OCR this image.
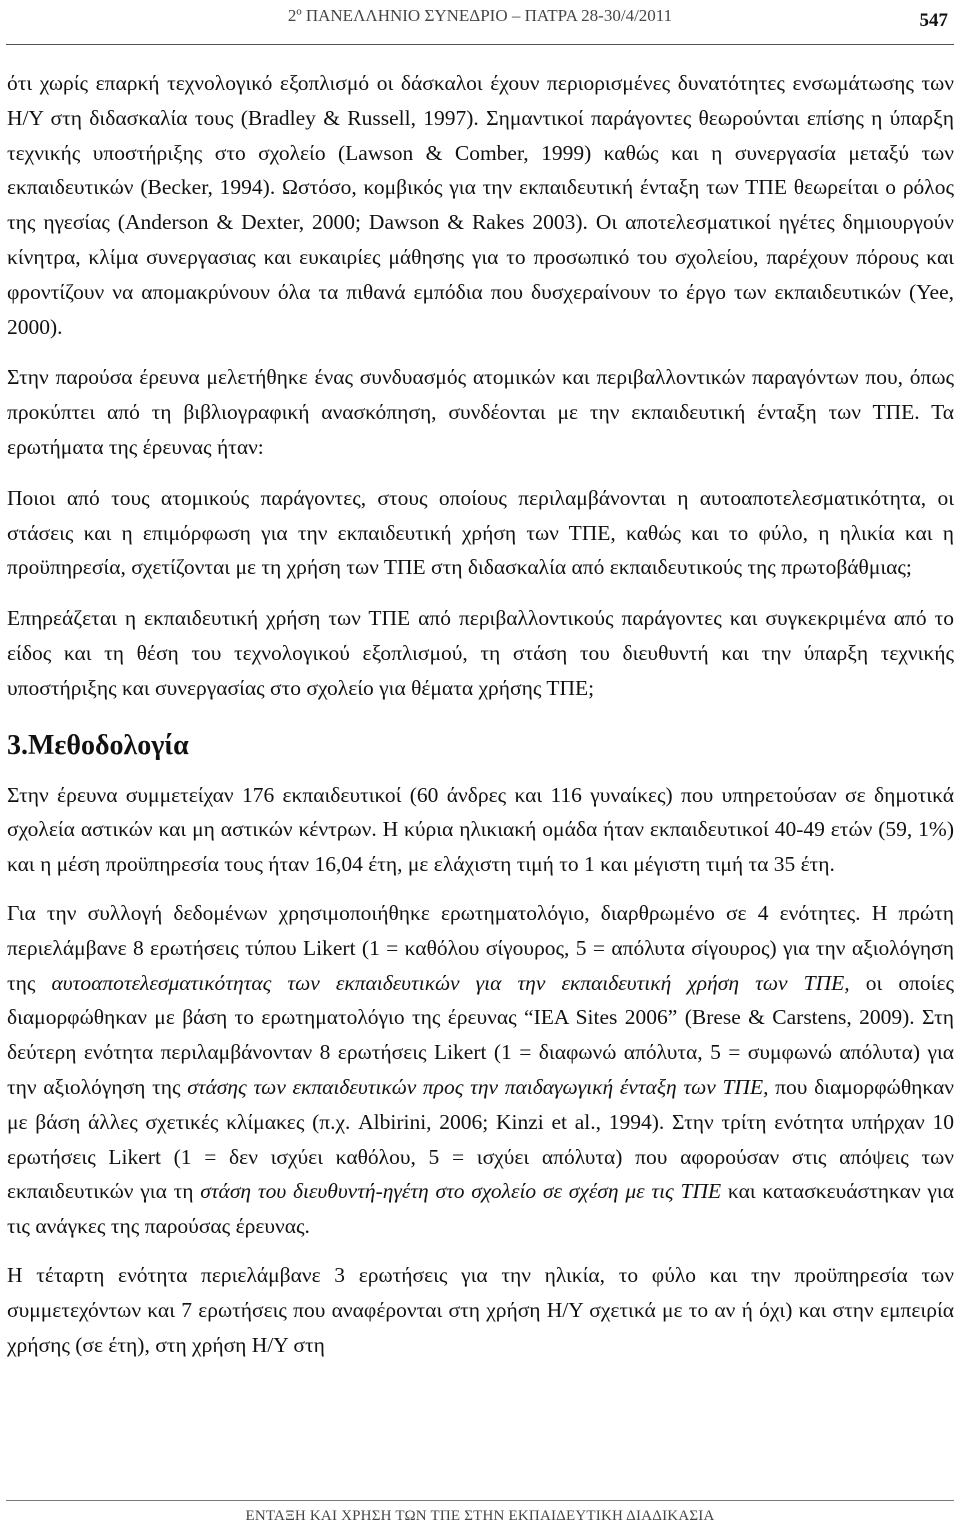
2º ΠΑΝΕΛΛΗΝΙΟ ΣΥΝΕΔΡΙΟ – ΠΑΤΡΑ 28-30/4/2011	547

ότι χωρίς επαρκή τεχνολογικό εξοπλισμό οι δάσκαλοι έχουν περιορισμένες δυνατότητες ενσωμάτωσης των Η/Υ στη διδασκαλία τους (Bradley & Russell, 1997). Σημαντικοί παράγοντες θεωρούνται επίσης η ύπαρξη τεχνικής υποστήριξης στο σχολείο (Lawson & Comber, 1999) καθώς και η συνεργασία μεταξύ των εκπαιδευτικών (Becker, 1994). Ωστόσο, κομβικός για την εκπαιδευτική ένταξη των ΤΠΕ θεωρείται ο ρόλος της ηγεσίας (Anderson & Dexter, 2000; Dawson & Rakes 2003). Οι αποτελεσματικοί ηγέτες δημιουργούν κίνητρα, κλίμα συνεργασιας και ευκαιρίες μάθησης για το προσωπικό του σχολείου, παρέχουν πόρους και φροντίζουν να απομακρύνουν όλα τα πιθανά εμπόδια που δυσχεραίνουν το έργο των εκπαιδευτικών (Yee, 2000).

Στην παρούσα έρευνα μελετήθηκε ένας συνδυασμός ατομικών και περιβαλλοντικών παραγόντων που, όπως προκύπτει από τη βιβλιογραφική ανασκόπηση, συνδέονται με την εκπαιδευτική ένταξη των ΤΠΕ. Τα ερωτήματα της έρευνας ήταν:

Ποιοι από τους ατομικούς παράγοντες, στους οποίους περιλαμβάνονται η αυτοαποτελεσματικότητα, οι στάσεις και η επιμόρφωση για την εκπαιδευτική χρήση των ΤΠΕ, καθώς και το φύλο, η ηλικία και η προϋπηρεσία, σχετίζονται με τη χρήση των ΤΠΕ στη διδασκαλία από εκπαιδευτικούς της πρωτοβάθμιας;

Επηρεάζεται η εκπαιδευτική χρήση των ΤΠΕ από περιβαλλοντικούς παράγοντες και συγκεκριμένα από το είδος και τη θέση του τεχνολογικού εξοπλισμού, τη στάση του διευθυντή και την ύπαρξη τεχνικής υποστήριξης και συνεργασίας στο σχολείο για θέματα χρήσης ΤΠΕ;

3.Μεθοδολογία

Στην έρευνα συμμετείχαν 176 εκπαιδευτικοί (60 άνδρες και 116 γυναίκες) που υπηρετούσαν σε δημοτικά σχολεία αστικών και μη αστικών κέντρων. Η κύρια ηλικιακή ομάδα ήταν εκπαιδευτικοί 40-49 ετών (59, 1%) και η μέση προϋπηρεσία τους ήταν 16,04 έτη, με ελάχιστη τιμή το 1 και μέγιστη τιμή τα 35 έτη.

Για την συλλογή δεδομένων χρησιμοποιήθηκε ερωτηματολόγιο, διαρθρωμένο σε 4 ενότητες. Η πρώτη περιελάμβανε 8 ερωτήσεις τύπου Likert (1 = καθόλου σίγουρος, 5 = απόλυτα σίγουρος) για την αξιολόγηση της αυτοαποτελεσματικότητας των εκπαιδευτικών για την εκπαιδευτική χρήση των ΤΠΕ, οι οποίες διαμορφώθηκαν με βάση το ερωτηματολόγιο της έρευνας “IEA Sites 2006” (Brese & Carstens, 2009). Στη δεύτερη ενότητα περιλαμβάνονταν 8 ερωτήσεις Likert (1 = διαφωνώ απόλυτα, 5 = συμφωνώ απόλυτα) για την αξιολόγηση της στάσης των εκπαιδευτικών προς την παιδαγωγική ένταξη των ΤΠΕ, που διαμορφώθηκαν με βάση άλλες σχετικές κλίμακες (π.χ. Albirini, 2006; Kinzi et al., 1994). Στην τρίτη ενότητα υπήρχαν 10 ερωτήσεις Likert (1 = δεν ισχύει καθόλου, 5 = ισχύει απόλυτα) που αφορούσαν στις απόψεις των εκπαιδευτικών για τη στάση του διευθυντή-ηγέτη στο σχολείο σε σχέση με τις ΤΠΕ και κατασκευάστηκαν για τις ανάγκες της παρούσας έρευνας.

Η τέταρτη ενότητα περιελάμβανε 3 ερωτήσεις για την ηλικία, το φύλο και την προϋπηρεσία των συμμετεχόντων και 7 ερωτήσεις που αναφέρονται στη χρήση Η/Υ σχετικά με το αν ή όχι) και στην εμπειρία χρήσης (σε έτη), στη χρήση Η/Υ στη

ΕΝΤΑΞΗ ΚΑΙ ΧΡΗΣΗ ΤΩΝ ΤΠΕ ΣΤΗΝ ΕΚΠΑΙΔΕΥΤΙΚΗ ΔΙΑΔΙΚΑΣΙΑ
